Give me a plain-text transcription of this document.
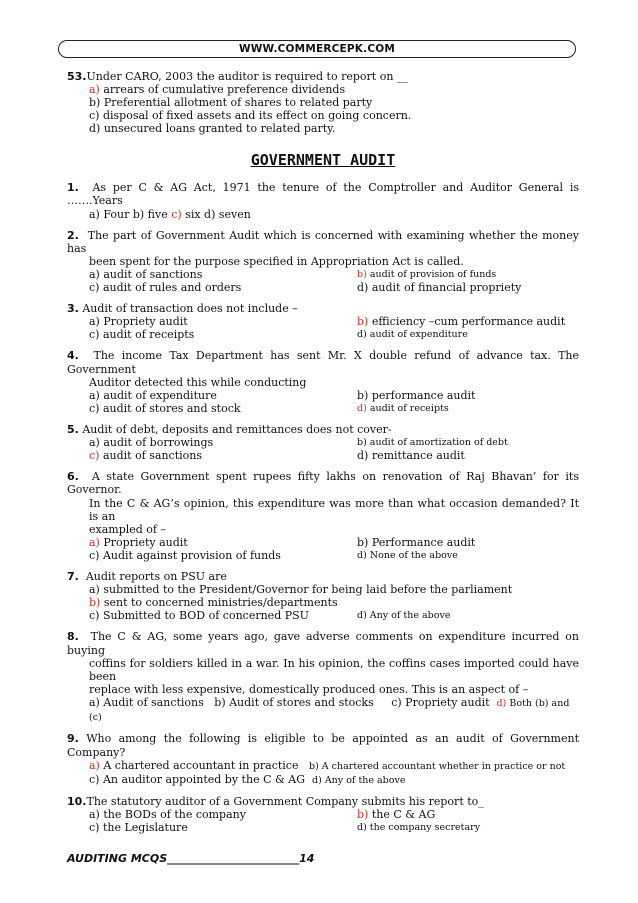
WWW.COMMERCEPK.COM
53.Under CARO, 2003 the auditor is required to report on __
a) arrears of cumulative preference dividends
b) Preferential allotment of shares to related party
c) disposal of fixed assets and its effect on going concern.
d) unsecured loans granted to related party.
GOVERNMENT AUDIT
1. As per C & AG Act, 1971 the tenure of the Comptroller and Auditor General is …….Years
a) Four b) five c) six d) seven
2. The part of Government Audit which is concerned with examining whether the money has
been spent for the purpose specified in Appropriation Act is called.
a) audit of sanctions	b) audit of provision of funds
c) audit of rules and orders	d) audit of financial propriety
3. Audit of transaction does not include –
a) Propriety audit	b) efficiency –cum performance audit
c) audit of receipts	d) audit of expenditure
4. The income Tax Department has sent Mr. X double refund of advance tax. The Government
Auditor detected this while conducting
a) audit of expenditure	b) performance audit
c) audit of stores and stock	d) audit of receipts
5. Audit of debt, deposits and remittances does not cover-
a) audit of borrowings	b) audit of amortization of debt
c) audit of sanctions	d) remittance audit
6. A state Government spent rupees fifty lakhs on renovation of Raj Bhavan’ for its Governor.
In the C & AG’s opinion, this expenditure was more than what occasion demanded? It is an
exampled of –
a) Propriety audit	b) Performance audit
c) Audit against provision of funds	d) None of the above
7. Audit reports on PSU are
a) submitted to the President/Governor for being laid before the parliament
b) sent to concerned ministries/departments
c) Submitted to BOD of concerned PSU	d) Any of the above
8. The C & AG, some years ago, gave adverse comments on expenditure incurred on buying
coffins for soldiers killed in a war. In his opinion, the coffins cases imported could have been
replace with less expensive, domestically produced ones. This is an aspect of –
a) Audit of sanctions b) Audit of stores and stocks c) Propriety audit d) Both (b) and (c)
9. Who among the following is eligible to be appointed as an audit of Government Company?
a) A chartered accountant in practice b) A chartered accountant whether in practice or not
c) An auditor appointed by the C & AG d) Any of the above
10.The statutory auditor of a Government Company submits his report to_
a) the BODs of the company	b) the C & AG
c) the Legislature	d) the company secretary
AUDITING MCQS________________________14
